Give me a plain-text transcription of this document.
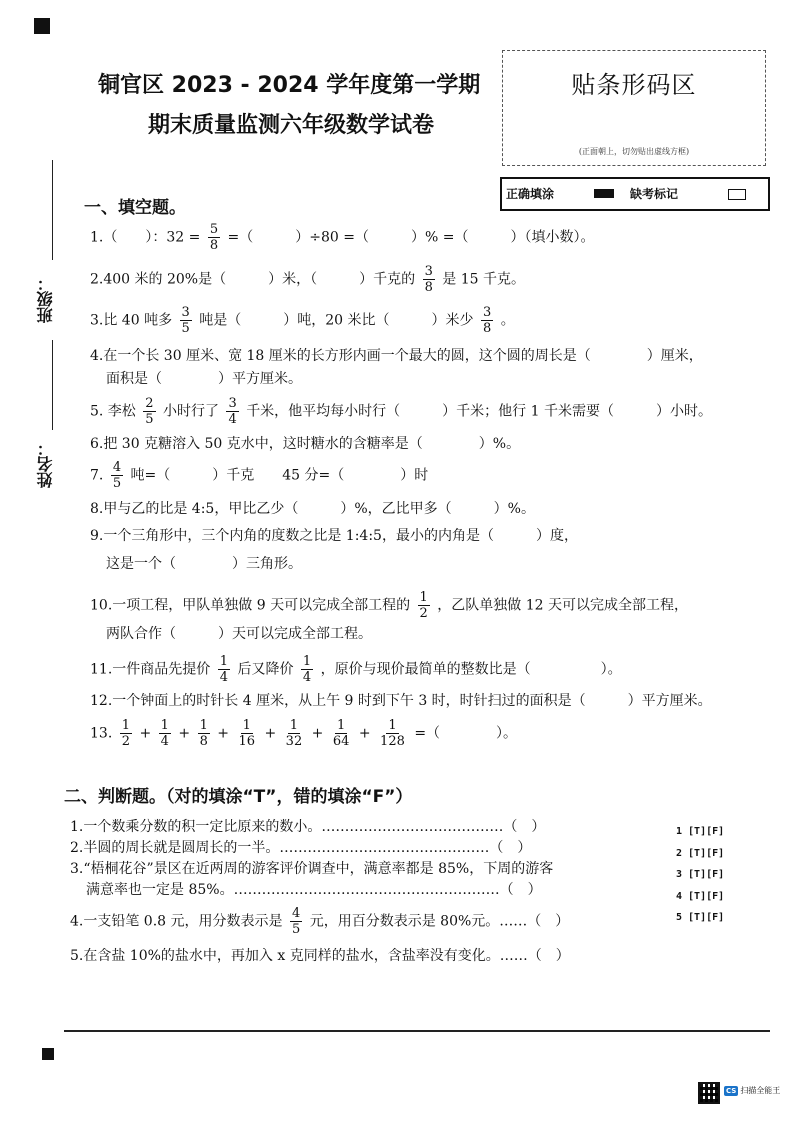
铜官区 2023 - 2024 学年度第一学期
期末质量监测六年级数学试卷
贴条形码区
(正面朝上，切勿贴出虚线方框)
正确填涂	缺考标记
班级：
姓名：
一、填空题。
1.（　　）：$32 = \frac{5}{8}$ =（　　　）÷80 =（　　　）% =（　　　）（填小数）。
2.400 米的 20%是（　　　）米，（　　　）千克的 $\frac{3}{8}$ 是 15 千克。
3.比 40 吨多 $\frac{3}{5}$ 吨是（　　　）吨，20 米比（　　　）米少 $\frac{3}{8}$ 。
4.在一个长 30 厘米、宽 18 厘米的长方形内画一个最大的圆，这个圆的周长是（　　　　）厘米，
面积是（　　　　）平方厘米。
5. 李松 $\frac{2}{5}$ 小时行了 $\frac{3}{4}$ 千米，他平均每小时行（　　　）千米；他行 1 千米需要（　　　）小时。
6.把 30 克糖溶入 50 克水中，这时糖水的含糖率是（　　　　）%。
7. $\frac{4}{5}$ 吨=（　　　）千克　　45 分=（　　　　）时
8.甲与乙的比是 4:5，甲比乙少（　　　）%，乙比甲多（　　　）%。
9.一个三角形中，三个内角的度数之比是 1:4:5，最小的内角是（　　　）度，
这是一个（　　　　）三角形。
10.一项工程，甲队单独做 9 天可以完成全部工程的 $\frac{1}{2}$ ，乙队单独做 12 天可以完成全部工程，
两队合作（　　　）天可以完成全部工程。
11.一件商品先提价 $\frac{1}{4}$ 后又降价 $\frac{1}{4}$ ，原价与现价最简单的整数比是（　　　　　）。
12.一个钟面上的时针长 4 厘米，从上午 9 时到下午 3 时，时针扫过的面积是（　　　）平方厘米。
13. $\frac{1}{2} + \frac{1}{4} + \frac{1}{8} + \frac{1}{16} + \frac{1}{32} + \frac{1}{64} + \frac{1}{128}$ =（　　　　）。
二、判断题。（对的填涂“T”，错的填涂“F”）
1.一个数乘分数的积一定比原来的数小。…………………………………（　）
2.半圆的周长就是圆周长的一半。………………………………………（　）
3.“梧桐花谷”景区在近两周的游客评价调查中，满意率都是 85%，下周的游客
满意率也一定是 85%。…………………………………………………（　）
4.一支铅笔 0.8 元，用分数表示是 $\frac{4}{5}$ 元，用百分数表示是 80%元。……（　）
5.在含盐 10%的盐水中，再加入 x 克同样的盐水，含盐率没有变化。……（　）
1 [T][F]
2 [T][F]
3 [T][F]
4 [T][F]
5 [T][F]
CS 扫描全能王
